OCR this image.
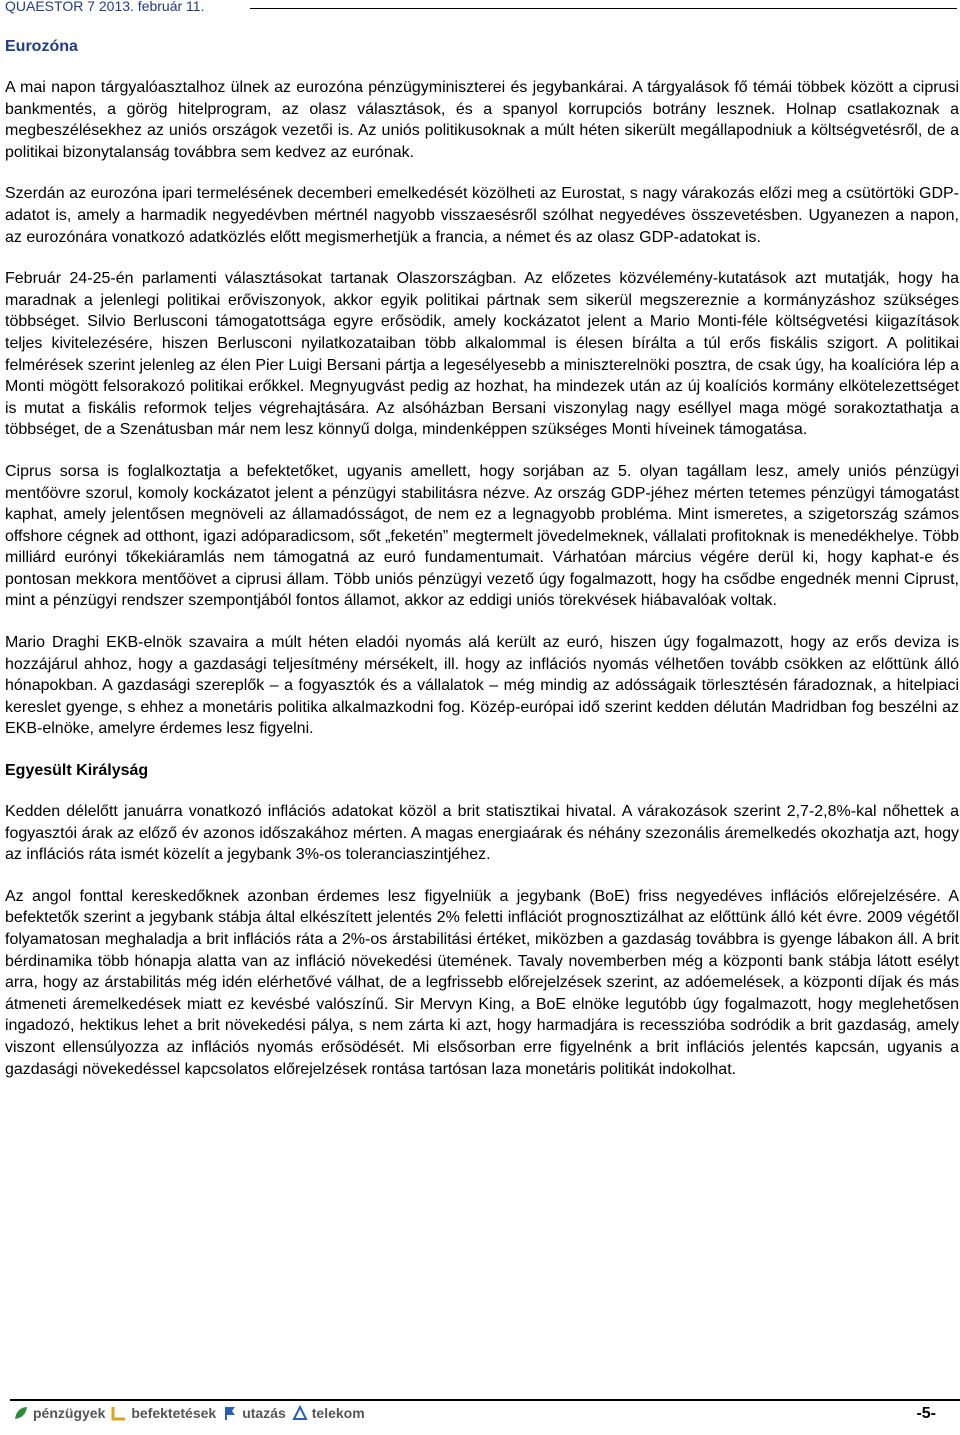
QUAESTOR 7 2013. február 11.
Eurozóna

A mai napon tárgyalóasztalhoz ülnek az eurozóna pénzügyminiszterei és jegybankárai. A tárgyalások fő témái többek között a ciprusi bankmentés, a görög hitelprogram, az olasz választások, és a spanyol korrupciós botrány lesznek. Holnap csatlakoznak a megbeszélésekhez az uniós országok vezetői is. Az uniós politikusoknak a múlt héten sikerült megállapodniuk a költségvetésről, de a politikai bizonytalanság továbbra sem kedvez az eurónak.

Szerdán az eurozóna ipari termelésének decemberi emelkedését közölheti az Eurostat, s nagy várakozás előzi meg a csütörtöki GDP-adatot is, amely a harmadik negyedévben mértnél nagyobb visszaesésről szólhat negyedéves összevetésben. Ugyanezen a napon, az eurozónára vonatkozó adatközlés előtt megismerhetjük a francia, a német és az olasz GDP-adatokat is.

Február 24-25-én parlamenti választásokat tartanak Olaszországban. Az előzetes közvélemény-kutatások azt mutatják, hogy ha maradnak a jelenlegi politikai erőviszonyok, akkor egyik politikai pártnak sem sikerül megszereznie a kormányzáshoz szükséges többséget. Silvio Berlusconi támogatottsága egyre erősödik, amely kockázatot jelent a Mario Monti-féle költségvetési kiigazítások teljes kivitelezésére, hiszen Berlusconi nyilatkozataiban több alkalommal is élesen bírálta a túl erős fiskális szigort. A politikai felmérések szerint jelenleg az élen Pier Luigi Bersani pártja a legesélyesebb a miniszterelnöki posztra, de csak úgy, ha koalícióra lép a Monti mögött felsorakozó politikai erőkkel. Megnyugvást pedig az hozhat, ha mindezek után az új koalíciós kormány elkötelezettséget is mutat a fiskális reformok teljes végrehajtására. Az alsóházban Bersani viszonylag nagy eséllyel maga mögé sorakoztathatja a többséget, de a Szenátusban már nem lesz könnyű dolga, mindenképpen szükséges Monti híveinek támogatása.

Ciprus sorsa is foglalkoztatja a befektetőket, ugyanis amellett, hogy sorjában az 5. olyan tagállam lesz, amely uniós pénzügyi mentőövre szorul, komoly kockázatot jelent a pénzügyi stabilitásra nézve. Az ország GDP-jéhez mérten tetemes pénzügyi támogatást kaphat, amely jelentősen megnöveli az államadósságot, de nem ez a legnagyobb probléma. Mint ismeretes, a szigetország számos offshore cégnek ad otthont, igazi adóparadicsom, sőt „feketén” megtermelt jövedelmeknek, vállalati profitoknak is menedékhelye. Több milliárd eurónyi tőkekiáramlás nem támogatná az euró fundamentumait. Várhatóan március végére derül ki, hogy kaphat-e és pontosan mekkora mentőövet a ciprusi állam. Több uniós pénzügyi vezető úgy fogalmazott, hogy ha csődbe engednék menni Ciprust, mint a pénzügyi rendszer szempontjából fontos államot, akkor az eddigi uniós törekvések hiábavalóak voltak.

Mario Draghi EKB-elnök szavaira a múlt héten eladói nyomás alá került az euró, hiszen úgy fogalmazott, hogy az erős deviza is hozzájárul ahhoz, hogy a gazdasági teljesítmény mérsékelt, ill. hogy az inflációs nyomás vélhetően tovább csökken az előttünk álló hónapokban. A gazdasági szereplők – a fogyasztók és a vállalatok – még mindig az adósságaik törlesztésén fáradoznak, a hitelpiaci kereslet gyenge, s ehhez a monetáris politika alkalmazkodni fog. Közép-európai idő szerint kedden délután Madridban fog beszélni az EKB-elnöke, amelyre érdemes lesz figyelni.

Egyesült Királyság

Kedden délelőtt januárra vonatkozó inflációs adatokat közöl a brit statisztikai hivatal. A várakozások szerint 2,7-2,8%-kal nőhettek a fogyasztói árak az előző év azonos időszakához mérten. A magas energiaárak és néhány szezonális áremelkedés okozhatja azt, hogy az inflációs ráta ismét közelít a jegybank 3%-os toleranciaszintjéhez.

Az angol fonttal kereskedőknek azonban érdemes lesz figyelniük a jegybank (BoE) friss negyedéves inflációs előrejelzésére. A befektetők szerint a jegybank stábja által elkészített jelentés 2% feletti inflációt prognosztizálhat az előttünk álló két évre. 2009 végétől folyamatosan meghaladja a brit inflációs ráta a 2%-os árstabilitási értéket, miközben a gazdaság továbbra is gyenge lábakon áll. A brit bérdinamika több hónapja alatta van az infláció növekedési ütemének. Tavaly novemberben még a központi bank stábja látott esélyt arra, hogy az árstabilitás még idén elérhetővé válhat, de a legfrissebb előrejelzések szerint, az adóemelések, a központi díjak és más átmeneti áremelkedések miatt ez kevésbé valószínű. Sir Mervyn King, a BoE elnöke legutóbb úgy fogalmazott, hogy meglehetősen ingadozó, hektikus lehet a brit növekedési pálya, s nem zárta ki azt, hogy harmadjára is recesszióba sodródik a brit gazdaság, amely viszont ellensúlyozza az inflációs nyomás erősödését. Mi elsősorban erre figyelnénk a brit inflációs jelentés kapcsán, ugyanis a gazdasági növekedéssel kapcsolatos előrejelzések rontása tartósan laza monetáris politikát indokolhat.

pénzügyek befektetések utazás telekom	-5-
